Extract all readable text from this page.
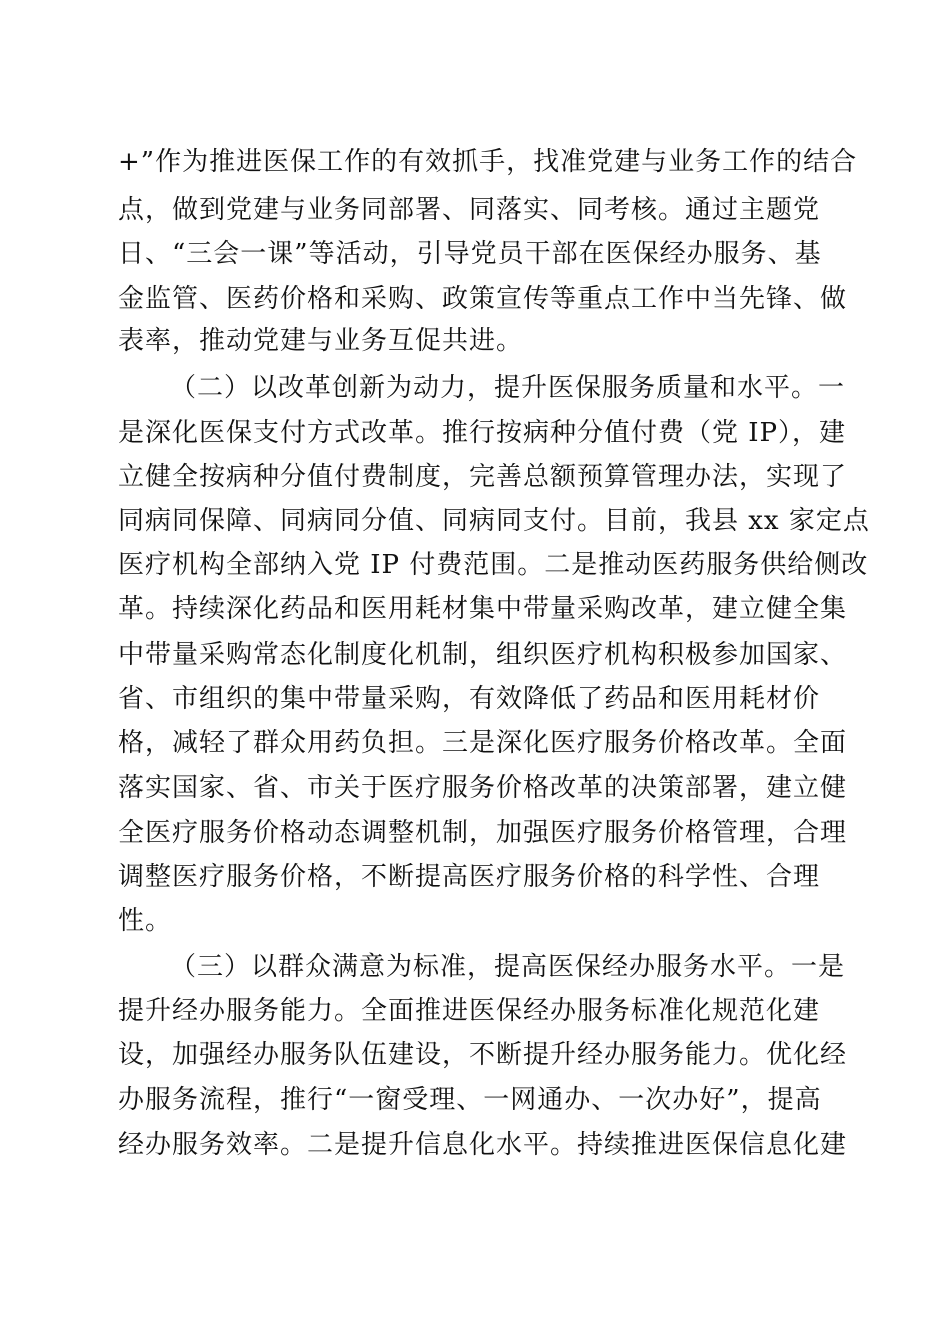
+”作为推进医保工作的有效抓手，找准党建与业务工作的结合
点，做到党建与业务同部署、同落实、同考核。通过主题党
日、“三会一课”等活动，引导党员干部在医保经办服务、基
金监管、医药价格和采购、政策宣传等重点工作中当先锋、做
表率，推动党建与业务互促共进。
（二）以改革创新为动力，提升医保服务质量和水平。一
是深化医保支付方式改革。推行按病种分值付费（党 IP），建
立健全按病种分值付费制度，完善总额预算管理办法，实现了
同病同保障、同病同分值、同病同支付。目前，我县 xx 家定点
医疗机构全部纳入党 IP 付费范围。二是推动医药服务供给侧改
革。持续深化药品和医用耗材集中带量采购改革，建立健全集
中带量采购常态化制度化机制，组织医疗机构积极参加国家、
省、市组织的集中带量采购，有效降低了药品和医用耗材价
格，减轻了群众用药负担。三是深化医疗服务价格改革。全面
落实国家、省、市关于医疗服务价格改革的决策部署，建立健
全医疗服务价格动态调整机制，加强医疗服务价格管理，合理
调整医疗服务价格，不断提高医疗服务价格的科学性、合理
性。
（三）以群众满意为标准，提高医保经办服务水平。一是
提升经办服务能力。全面推进医保经办服务标准化规范化建
设，加强经办服务队伍建设，不断提升经办服务能力。优化经
办服务流程，推行“一窗受理、一网通办、一次办好”，提高
经办服务效率。二是提升信息化水平。持续推进医保信息化建
